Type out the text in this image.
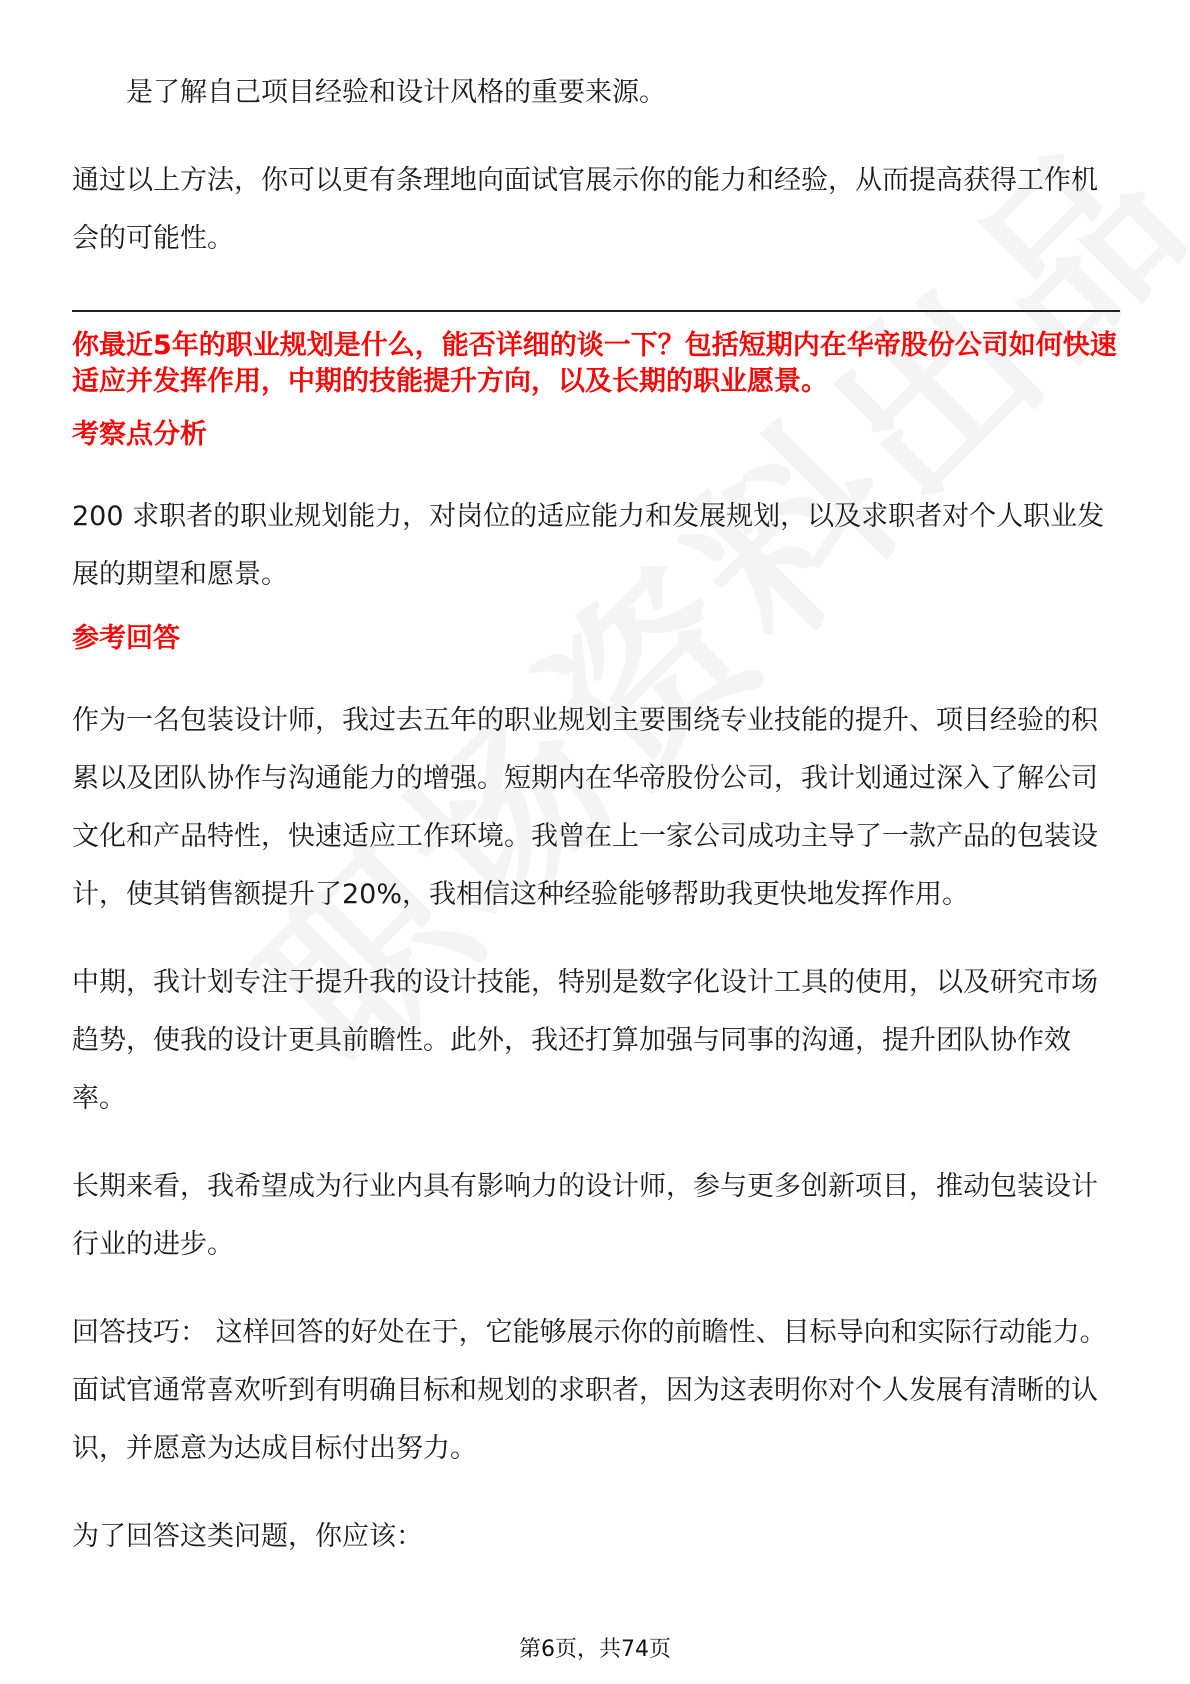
是了解自己项目经验和设计风格的重要来源。

通过以上方法，你可以更有条理地向面试官展示你的能力和经验，从而提高获得工作机会的可能性。

你最近5年的职业规划是什么，能否详细的谈一下？包括短期内在华帝股份公司如何快速适应并发挥作用，中期的技能提升方向，以及长期的职业愿景。

考察点分析

200 求职者的职业规划能力，对岗位的适应能力和发展规划，以及求职者对个人职业发展的期望和愿景。

参考回答

作为一名包装设计师，我过去五年的职业规划主要围绕专业技能的提升、项目经验的积累以及团队协作与沟通能力的增强。短期内在华帝股份公司，我计划通过深入了解公司文化和产品特性，快速适应工作环境。我曾在上一家公司成功主导了一款产品的包装设计，使其销售额提升了20%，我相信这种经验能够帮助我更快地发挥作用。

中期，我计划专注于提升我的设计技能，特别是数字化设计工具的使用，以及研究市场趋势，使我的设计更具前瞻性。此外，我还打算加强与同事的沟通，提升团队协作效率。

长期来看，我希望成为行业内具有影响力的设计师，参与更多创新项目，推动包装设计行业的进步。

回答技巧： 这样回答的好处在于，它能够展示你的前瞻性、目标导向和实际行动能力。面试官通常喜欢听到有明确目标和规划的求职者，因为这表明你对个人发展有清晰的认识，并愿意为达成目标付出努力。

为了回答这类问题，你应该：

第6页，共74页
